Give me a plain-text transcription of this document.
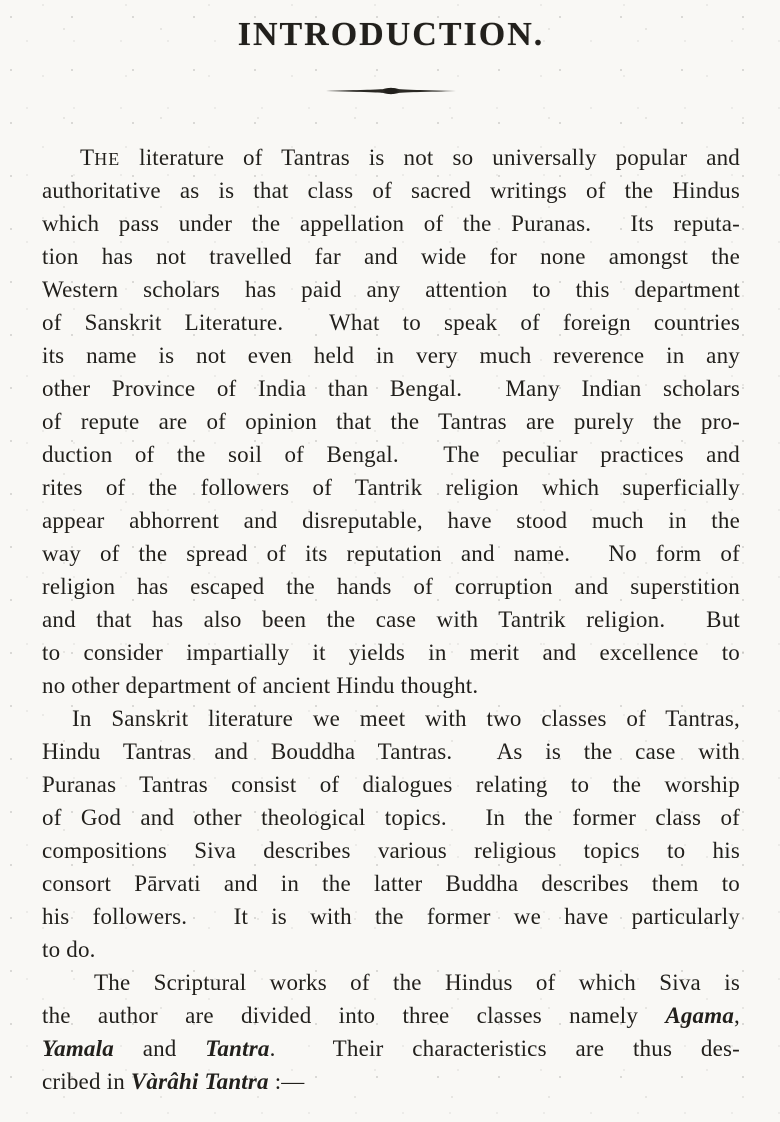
INTRODUCTION.

THE literature of Tantras is not so universally popular and
authoritative as is that class of sacred writings of the Hindus
which pass under the appellation of the Puranas.  Its reputa-
tion has not travelled far and wide for none amongst the
Western scholars has paid any attention to this department
of Sanskrit Literature.  What to speak of foreign countries
its name is not even held in very much reverence in any
other Province of India than Bengal.  Many Indian scholars
of repute are of opinion that the Tantras are purely the pro-
duction of the soil of Bengal.  The peculiar practices and
rites of the followers of Tantrik religion which superficially
appear abhorrent and disreputable, have stood much in the
way of the spread of its reputation and name.  No form of
religion has escaped the hands of corruption and superstition
and that has also been the case with Tantrik religion.  But
to consider impartially it yields in merit and excellence to
no other department of ancient Hindu thought.

In Sanskrit literature we meet with two classes of Tantras,
Hindu Tantras and Bouddha Tantras.  As is the case with
Puranas Tantras consist of dialogues relating to the worship
of God and other theological topics.  In the former class of
compositions Siva describes various religious topics to his
consort Pārvati and in the latter Buddha describes them to
his followers.  It is with the former we have particularly
to do.

The Scriptural works of the Hindus of which Siva is
the author are divided into three classes namely Agama,
Yamala and Tantra.  Their characteristics are thus des-
cribed in Vàrâhi Tantra :—
